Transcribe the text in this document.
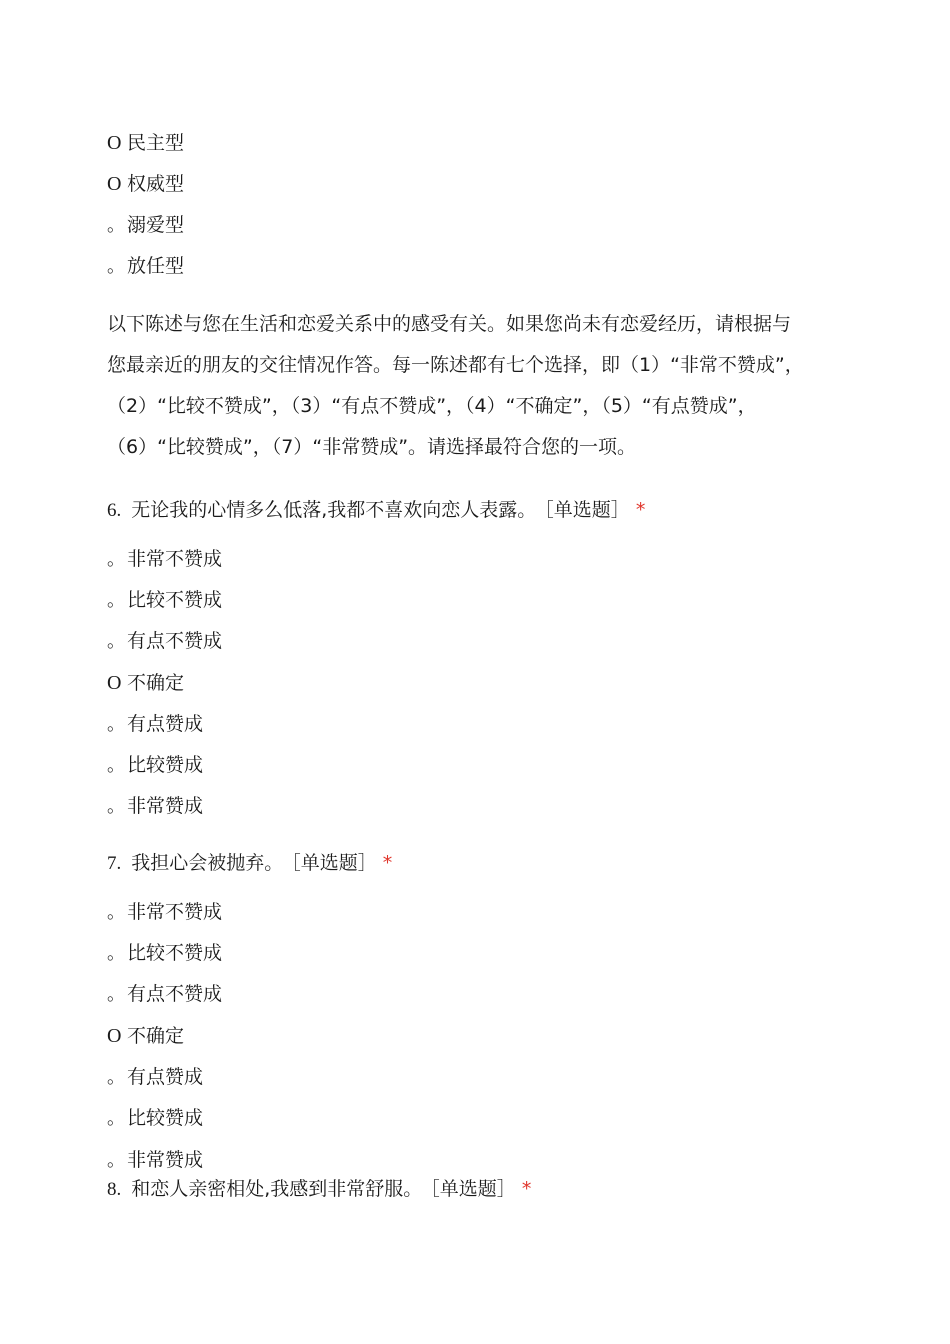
O 民主型
O 权威型
。 溺爱型
。 放任型
以下陈述与您在生活和恋爱关系中的感受有关。如果您尚未有恋爱经历，请根据与
您最亲近的朋友的交往情况作答。每一陈述都有七个选择，即（1）“非常不赞成”，
（2）“比较不赞成”，（3）“有点不赞成”，（4）“不确定”，（5）“有点赞成”，
（6）“比较赞成”，（7）“非常赞成”。请选择最符合您的一项。
6. 无论我的心情多么低落,我都不喜欢向恋人表露。 ［单选题］ *
。 非常不赞成
。 比较不赞成
。 有点不赞成
O 不确定
。 有点赞成
。 比较赞成
。 非常赞成
7. 我担心会被抛弃。 ［单选题］ *
。 非常不赞成
。 比较不赞成
。 有点不赞成
O 不确定
。 有点赞成
。 比较赞成
。 非常赞成
8. 和恋人亲密相处,我感到非常舒服。 ［单选题］ *
